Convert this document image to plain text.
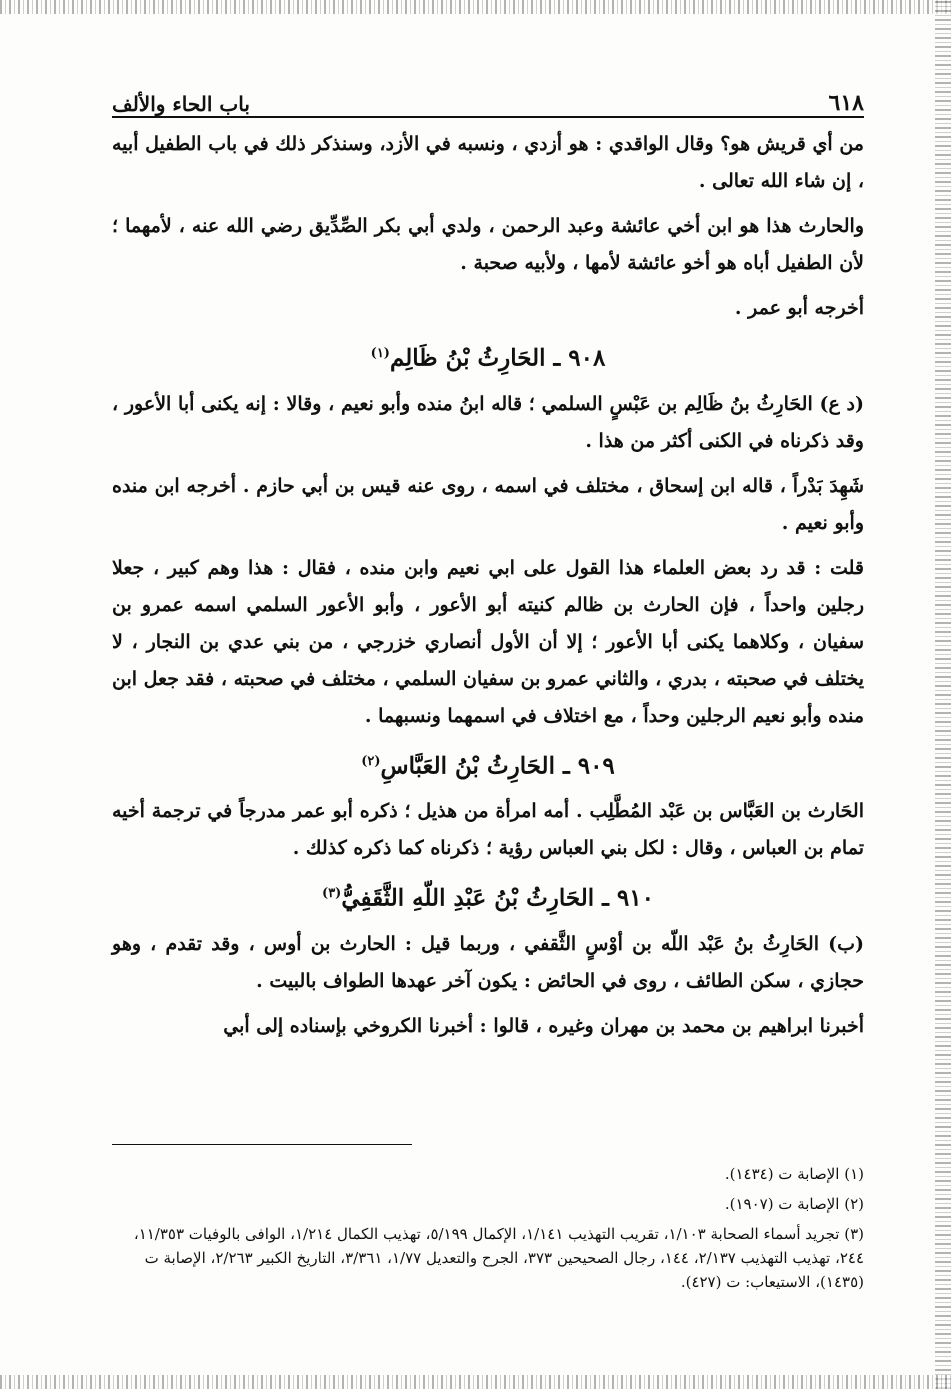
٦١٨
باب الحاء والألف

من أي قريش هو؟ وقال الواقدي : هو أزدي ، ونسبه في الأزد، وسنذكر ذلك في باب الطفيل أبيه ، إن شاء الله تعالى .

والحارث هذا هو ابن أخي عائشة وعبد الرحمن ، ولدي أبي بكر الصِّدِّيق رضي الله عنه ، لأمهما ؛ لأن الطفيل أباه هو أخو عائشة لأمها ، ولأبيه صحبة .

أخرجه أبو عمر .

٩٠٨ ـ الحَارِثُ بْنُ ظَالِم$^{(١)}$

(د ع) الحَارِثُ بنُ ظَالِم بن عَبْسٍ السلمي ؛ قاله ابنُ منده وأبو نعيم ، وقالا : إنه يكنى أبا الأعور ، وقد ذكرناه في الكنى أكثر من هذا .

شَهِدَ بَدْراً ، قاله ابن إسحاق ، مختلف في اسمه ، روى عنه قيس بن أبي حازم . أخرجه ابن منده وأبو نعيم .

قلت : قد رد بعض العلماء هذا القول على ابي نعيم وابن منده ، فقال : هذا وهم كبير ، جعلا رجلين واحداً ، فإن الحارث بن ظالم كنيته أبو الأعور ، وأبو الأعور السلمي اسمه عمرو بن سفيان ، وكلاهما يكنى أبا الأعور ؛ إلا أن الأول أنصاري خزرجي ، من بني عدي بن النجار ، لا يختلف في صحبته ، بدري ، والثاني عمرو بن سفيان السلمي ، مختلف في صحبته ، فقد جعل ابن منده وأبو نعيم الرجلين وحداً ، مع اختلاف في اسمهما ونسبهما .

٩٠٩ ـ الحَارِثُ بْنُ العَبَّاسِ$^{(٢)}$

الحَارث بن العَبَّاس بن عَبْد المُطَّلِب . أمه امرأة من هذيل ؛ ذكره أبو عمر مدرجاً في ترجمة أخيه تمام بن العباس ، وقال : لكل بني العباس رؤية ؛ ذكرناه كما ذكره كذلك .

٩١٠ ـ الحَارِثُ بْنُ عَبْدِ اللّهِ الثَّقَفِيُّ$^{(٣)}$

(ب) الحَارِثُ بنُ عَبْد اللّه بن أوْسٍ الثَّقفي ، وربما قيل : الحارث بن أوس ، وقد تقدم ، وهو حجازي ، سكن الطائف ، روى في الحائض : يكون آخر عهدها الطواف بالبيت .

أخبرنا ابراهيم بن محمد بن مهران وغيره ، قالوا : أخبرنا الكروخي بإسناده إلى أبي

(١) الإصابة ت (١٤٣٤).

(٢) الإصابة ت (١٩٠٧).

(٣) تجريد أسماء الصحابة ١/١٠٣، تقريب التهذيب ١/١٤١، الإكمال ٥/١٩٩، تهذيب الكمال ١/٢١٤، الوافى بالوفيات ١١/٣٥٣، ٢٤٤، تهذيب التهذيب ٢/١٣٧، ١٤٤، رجال الصحيحين ٣٧٣، الجرح والتعديل ١/٧٧، ٣/٣٦١، التاريخ الكبير ٢/٢٦٣، الإصابة ت (١٤٣٥)، الاستيعاب: ت (٤٢٧).
